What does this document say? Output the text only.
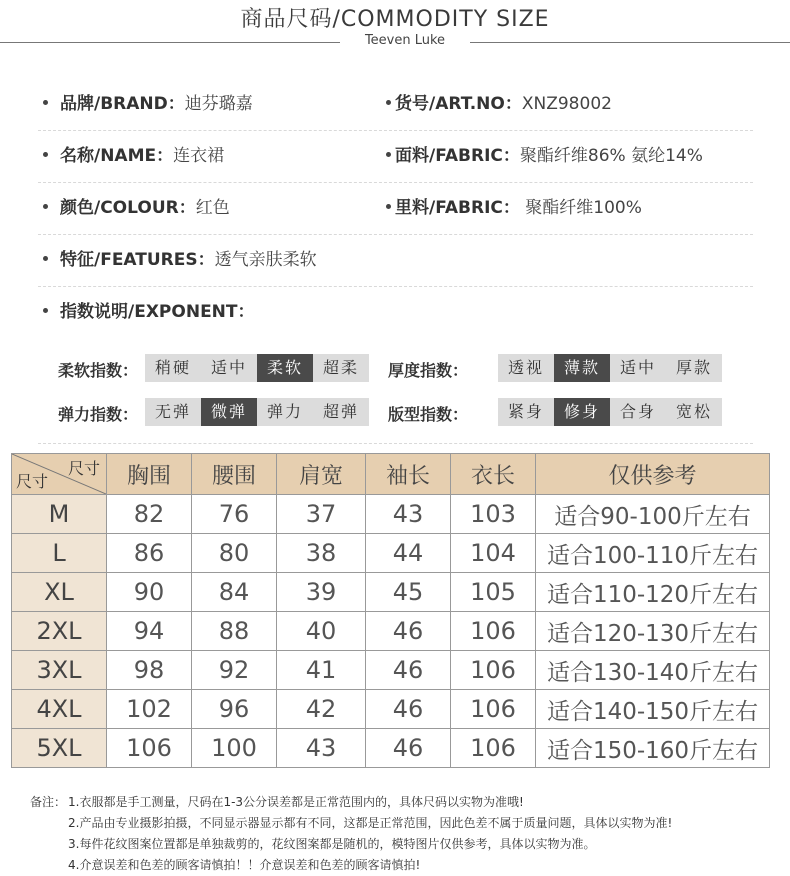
商品尺码/COMMODITY SIZE
Teeven Luke
品牌/BRAND：迪芬璐嘉	货号/ART.NO：XNZ98002
名称/NAME：连衣裙	面料/FABRIC：聚酯纤维86% 氨纶14%
颜色/COLOUR：红色	里料/FABRIC： 聚酯纤维100%
特征/FEATURES：透气亲肤柔软
指数说明/EXPONENT：
柔软指数：	稍硬	适中	柔软	超柔	厚度指数：	透视	薄款	适中	厚款
弹力指数：	无弹	微弹	弹力	超弹	版型指数：	紧身	修身	合身	宽松
尺寸
尺寸	胸围	腰围	肩宽	袖长	衣长	仅供参考
M	82	76	37	43	103	适合90-100斤左右
L	86	80	38	44	104	适合100-110斤左右
XL	90	84	39	45	105	适合110-120斤左右
2XL	94	88	40	46	106	适合120-130斤左右
3XL	98	92	41	46	106	适合130-140斤左右
4XL	102	96	42	46	106	适合140-150斤左右
5XL	106	100	43	46	106	适合150-160斤左右
备注： 1.衣服都是手工测量，尺码在1-3公分误差都是正常范围内的，具体尺码以实物为准哦!
2.产品由专业摄影拍摄，不同显示器显示都有不同，这都是正常范围，因此色差不属于质量问题，具体以实物为准!
3.每件花纹图案位置都是单独裁剪的，花纹图案都是随机的，模特图片仅供参考，具体以实物为准。
4.介意误差和色差的顾客请慎拍！！介意误差和色差的顾客请慎拍!
